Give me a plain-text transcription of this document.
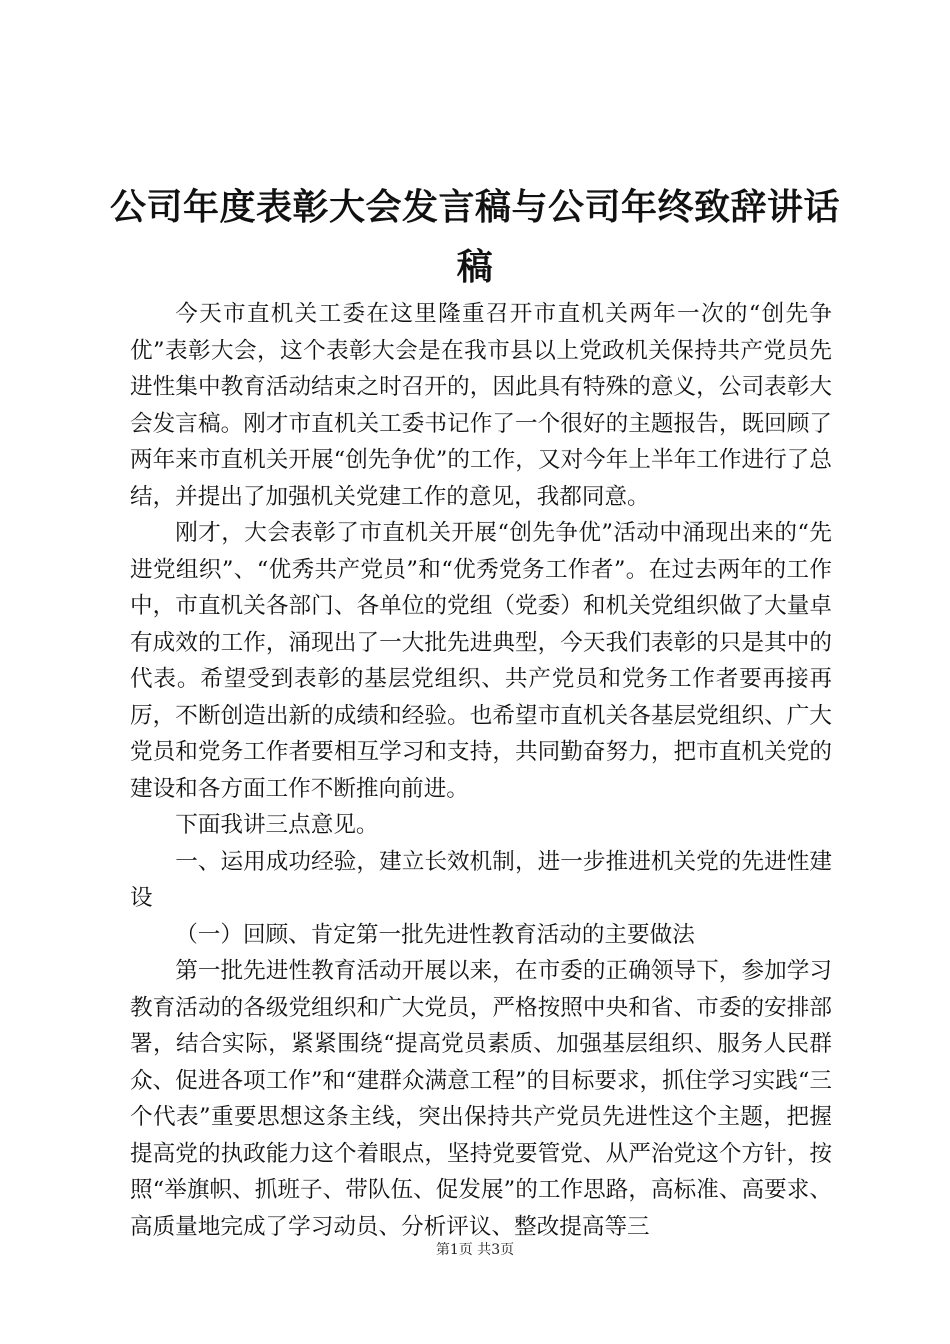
公司年度表彰大会发言稿与公司年终致辞讲话
稿

今天市直机关工委在这里隆重召开市直机关两年一次的“创先争优”表彰大会，这个表彰大会是在我市县以上党政机关保持共产党员先进性集中教育活动结束之时召开的，因此具有特殊的意义，公司表彰大会发言稿。刚才市直机关工委书记作了一个很好的主题报告，既回顾了两年来市直机关开展“创先争优”的工作，又对今年上半年工作进行了总结，并提出了加强机关党建工作的意见，我都同意。

刚才，大会表彰了市直机关开展“创先争优”活动中涌现出来的“先进党组织”、“优秀共产党员”和“优秀党务工作者”。在过去两年的工作中，市直机关各部门、各单位的党组（党委）和机关党组织做了大量卓有成效的工作，涌现出了一大批先进典型，今天我们表彰的只是其中的代表。希望受到表彰的基层党组织、共产党员和党务工作者要再接再厉，不断创造出新的成绩和经验。也希望市直机关各基层党组织、广大党员和党务工作者要相互学习和支持，共同勤奋努力，把市直机关党的建设和各方面工作不断推向前进。

下面我讲三点意见。

一、运用成功经验，建立长效机制，进一步推进机关党的先进性建设

（一）回顾、肯定第一批先进性教育活动的主要做法

第一批先进性教育活动开展以来，在市委的正确领导下，参加学习教育活动的各级党组织和广大党员，严格按照中央和省、市委的安排部署，结合实际，紧紧围绕“提高党员素质、加强基层组织、服务人民群众、促进各项工作”和“建群众满意工程”的目标要求，抓住学习实践“三个代表”重要思想这条主线，突出保持共产党员先进性这个主题，把握提高党的执政能力这个着眼点，坚持党要管党、从严治党这个方针，按照“举旗帜、抓班子、带队伍、促发展”的工作思路，高标准、高要求、高质量地完成了学习动员、分析评议、整改提高等三

第1页 共3页
